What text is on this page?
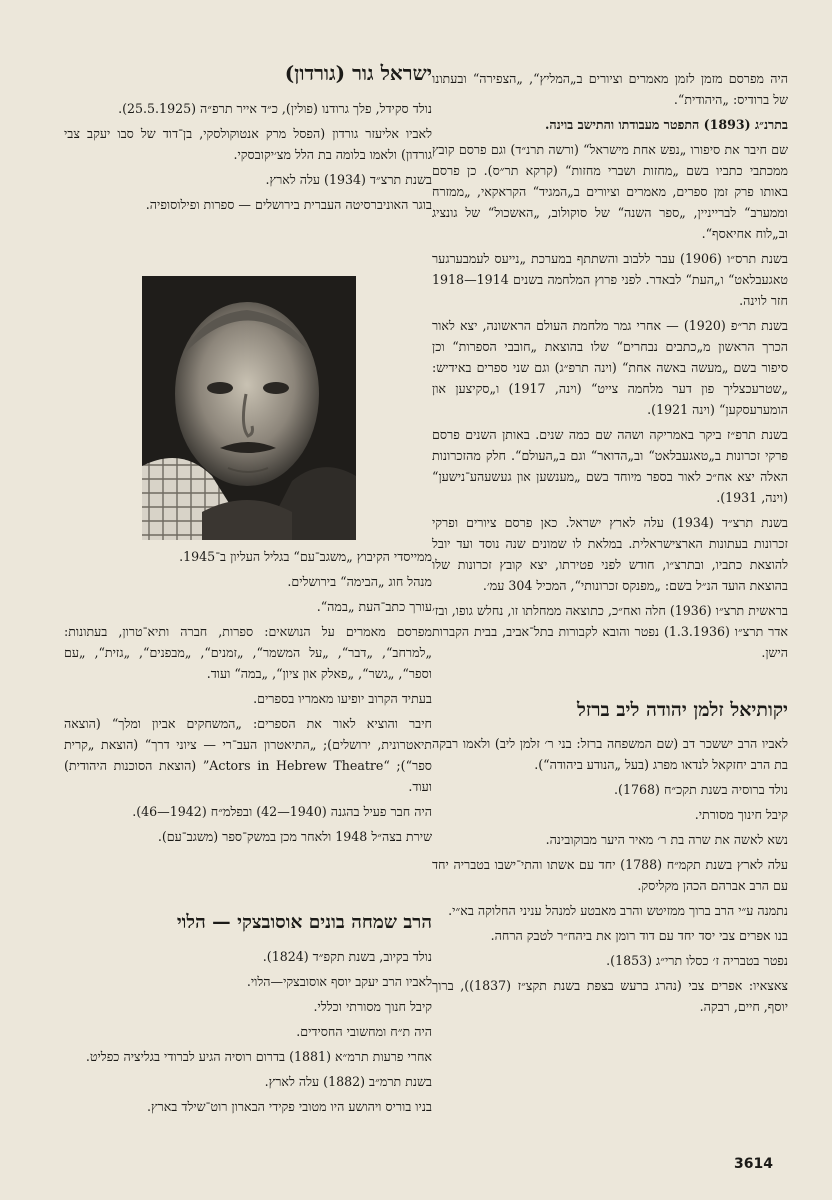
היה מפרסם מזמן לזמן מאמרים וציורים ב„המליץ“, „הצפירה“ ובעתונו של ברודיס: „היהודית“.

בתרנ״ג (1893) התפטר מעבודתו והתישב בוינה.

שם חיבר את סיפורו „נפש אחת מישראל“ (ורשה תרנ״ד) וגם פרסם קובץ ממכתבי כתביו בשם „מחזות ושברי מחזות“ (קרקא תר״ס). כן פרסם באותו פרק זמן ספרים, מאמרים וציורים ב„המגיד“ הקראקאי, „ממזרח וממערב“ לברייניין, „ספר השנה“ של סוקולוב, „האשכול“ של גונציג וב„לוח אחיאסף“.

בשנת תרס״ו (1906) עבר ללבוב והשתתף במערכת „נייעס לעמבערגער טאגעבלאט“ ו„העת“ לבאדר. לפני פרוץ המלחמה בשנים 1914—1918 חזר לוינה.

בשנת תר״פ (1920) — אחרי גמר מלחמת העולם הראשונה, יצא לאור הכרך הראשון מ„כתבים נבחרים“ שלו בהוצאת „חובבי הספרות“ וכן סיפור בשם „מעשה באשה אחת“ (וינה תרפ״ג) וגם שני ספרים באידיש: „שטרעכצליך פון דער מלחמה צייט“ (וינה, 1917) ו„סקיצען און הומערעסקען“ (וינה 1921).

בשנת תרפ״ז ביקר באמריקה ושהה שם כמה שנים. באותן השנים פרסם פרקי זכרונות ב„טאגעבלאט“ וב„הדואר“ וגם ב„העולם“. חלק מהזכרונות האלה יצא אח״כ לאור בספר מיוחד בשם „מענשען און געשעהע־נישען“ (וינה, 1931).

בשנת תרצ״ד (1934) עלה לארץ ישראל. כאן פרסם ציורים ופרקי זכרונות בעתונות הארצישראלית. במלאת לו שמונים שנה נוסד ועד יובל להוצאת כתביו, ובתרצ״ו, חודש לפני פטירתו, יצא קובץ זכרונות שלו בהוצאת הועד הנ״ל בשם: „מפנקס זכרונותי“, המכיל 304 עמ׳.

בראשית תרצ״ו (1936) חלה ואח״כ, כתוצאה ממחלתו זו, נחלש גופו, ובז׳ אדר תרצ״ו (1.3.1936) נפטר והובא לקבורות בתל־אביב, בבית הקברות הישן.

יקותיאל זלמן יהודה ליב ברזל

לאביו הרב יששכר דב (שם המשפחה ברזל: בני ר׳ זלמן ליב) ולאמו רבקה בת הרב יחזקאל לנדאו מפרג (בעל „הנודע ביהודה“).

נולד ברוסיה בשנת תקכ״ח (1768).

קיבל חינוך מסורתי.

נשא לאשה את שרה בת ר׳ מאיר היער מבוקובינה.

עלה לארץ בשנת תקמ״ח (1788) יחד עם אשתו והתי־ישבו בטבריה יחד עם הרב אברהם הכהן מקליסק.

נתמנה ע״י הרב ברוך ממזיטש והרב מאבטע למנהל עניני החלוקה בא״י.

בנו אפרים צבי יסד יחד עם דוד רומן את ביהח״ר לטבק הרחה.

נפטר בטבריה ז׳ כסלו תרי״ג (1853).

צאצאיו: אפרים צבי (נהרג ברעש בצפת בשנת תקצ״ז (1837)), ברוך יוסף, חיים, רבקה.

ישראל גור (גורדון)

נולד סקידל, פלך גרודנו (פולין), כ״ד אייר תרפ״ה (25.5.1925).

לאביו אליעזר גורדון (הפסל מרק אנטוקולסקי, בן־דוד של סבו יעקב צבי גורדון) ולאמו בלומה בת הלל מצ׳יקובסקי.

בשנת תרצ״ד (1934) עלה לארץ.

בוגר האוניברסיטה העברית בירושלים — ספרות ופילוסופיה.

ממייסדי הקיבוץ „משגב־עם“ בגליל העליון ב־1945.

מנהל חוג „הבימה“ בירושלים.

עורך כתב־העת „במה“.

מפרסם מאמרים על הנושאים: ספרות, חברה ותיא־טרון, בעתונות: „למרחב“, „דבר“, „על המשמר“, „זמנים“, „מבפנים“, „גזית“, „עם וספר“, „גשר“, „פאלק און ציון“, „במה“ ועוד.

בעתיד הקרוב יופיעו מאמריו בספרים.

חיבר והוציא לאור את הספרים: „המשחקים אביון ומלך“ (הוצאה תיאטרונית, ירושלים); „התיאטרון העב־רי — ציוני דרך“ (הוצאת „קרית ספר“); “Actors in Hebrew Theatre” (הוצאת הסוכנות היהודית) ועוד.

היה חבר פעיל בהגנה (1940—42) ובפלמ״ח (1942—46).

שירת בצה״ל 1948 ולאחר מכן במשק־ספר (משגב־עם).

הרב שמחה בונים אוסובצקי — הלוי

נולד בקיוב, בשנת תקפ״ד (1824).

לאביו הרב יעקב יוסף אוסובצקי—הלוי.

קיבל חנוך מסורתי וכללי.

היה ת״ח ומחשובי החסידים.

אחרי פרעות תרמ״א (1881) בדרום רוסיה הגיע לברודי בגליציה כפליט.

בשנת תרמ״ב (1882) עלה לארץ.

בניו בוריס ויהושע היו מטובי פקידי הבארון רוט־שילד בארץ.

3614
